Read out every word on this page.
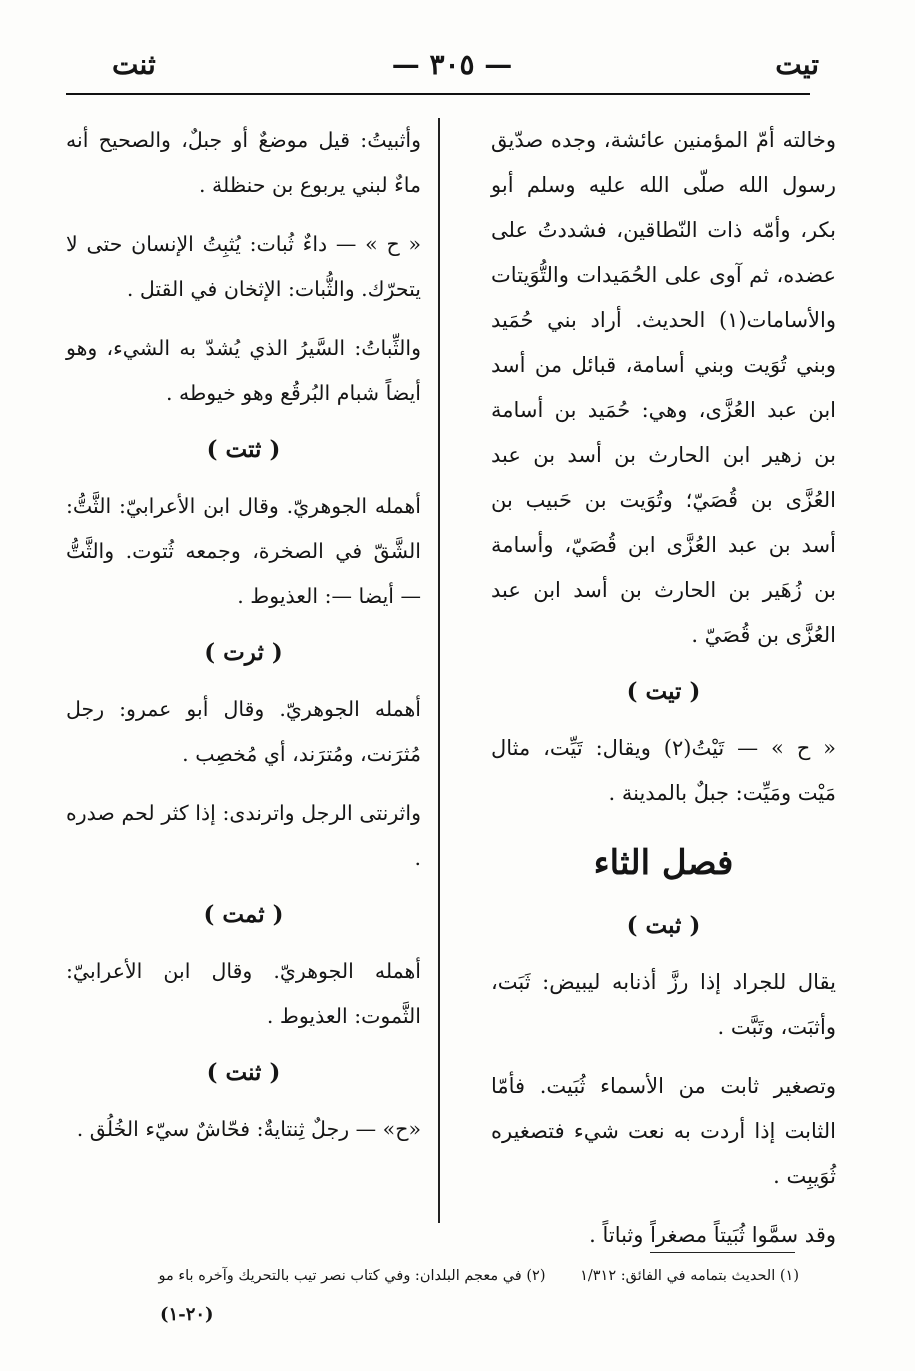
تيت
— ٣٠٥ —
ثنت
وخالته أمّ المؤمنين عائشة، وجده صدّيق رسول الله صلّى الله عليه وسلم أبو بكر، وأمّه ذات النّطاقين، فشددتُ على عضده، ثم آوى على الحُمَيدات والتُّوَيتات والأسامات(١) الحديث. أراد بني حُمَيد وبني تُوَيت وبني أسامة، قبائل من أسد ابن عبد العُزَّى، وهي: حُمَيد بن أسامة بن زهير ابن الحارث بن أسد بن عبد العُزَّى بن قُصَيّ؛ وتُوَيت بن حَبيب بن أسد بن عبد العُزَّى ابن قُصَيّ، وأسامة بن زُهَير بن الحارث بن أسد ابن عبد العُزَّى بن قُصَيّ .
( تيت )
« ح » — تَيْتُ(٢) ويقال: تَيِّت، مثال مَيْت ومَيِّت: جبلٌ بالمدينة .
فصل الثاء
( ثبت )
يقال للجراد إذا رزَّ أذنابه ليبيض: ثَبَت، وأثبَت، وتَبَّت .
وتصغير ثابت من الأسماء ثُبَيت. فأمّا الثابت إذا أردت به نعت شيء فتصغيره ثُوَيبِت .
وقد سمَّوا ثُبَيتاً مصغراً وثباتاً .
وأثبيتُ: قيل موضعٌ أو جبلٌ، والصحيح أنه ماءٌ لبني يربوع بن حنظلة .
« ح » — داءٌ ثُبات: يُثبِتُ الإنسان حتى لا يتحرّك. والثُّبات: الإثخان في القتل .
والثِّباتُ: السَّيرُ الذي يُشدّ به الشيء، وهو أيضاً شبام البُرقُع وهو خيوطه .
( ثتت )
أهمله الجوهريّ. وقال ابن الأعرابيّ: الثَّتُّ: الشَّقّ في الصخرة، وجمعه ثُتوت. والثَّتُّ — أيضا —: العذيوط .
( ثرت )
أهمله الجوهريّ. وقال أبو عمرو: رجل مُثرَنت، ومُترَند، أي مُخصِب .
واثرنتى الرجل واترندى: إذا كثر لحم صدره .
( ثمت )
أهمله الجوهريّ. وقال ابن الأعرابيّ: الثَّموت: العذيوط .
( ثنت )
«ح» — رجلٌ ثِنتايةٌ: فحّاشٌ سيّء الخُلُق .
(١) الحديث بتمامه في الفائق: ١/٣١٢ (٢) في معجم البلدان: وفي كتاب نصر تيب بالتحريك وآخره باء مو
(٢٠-١)
